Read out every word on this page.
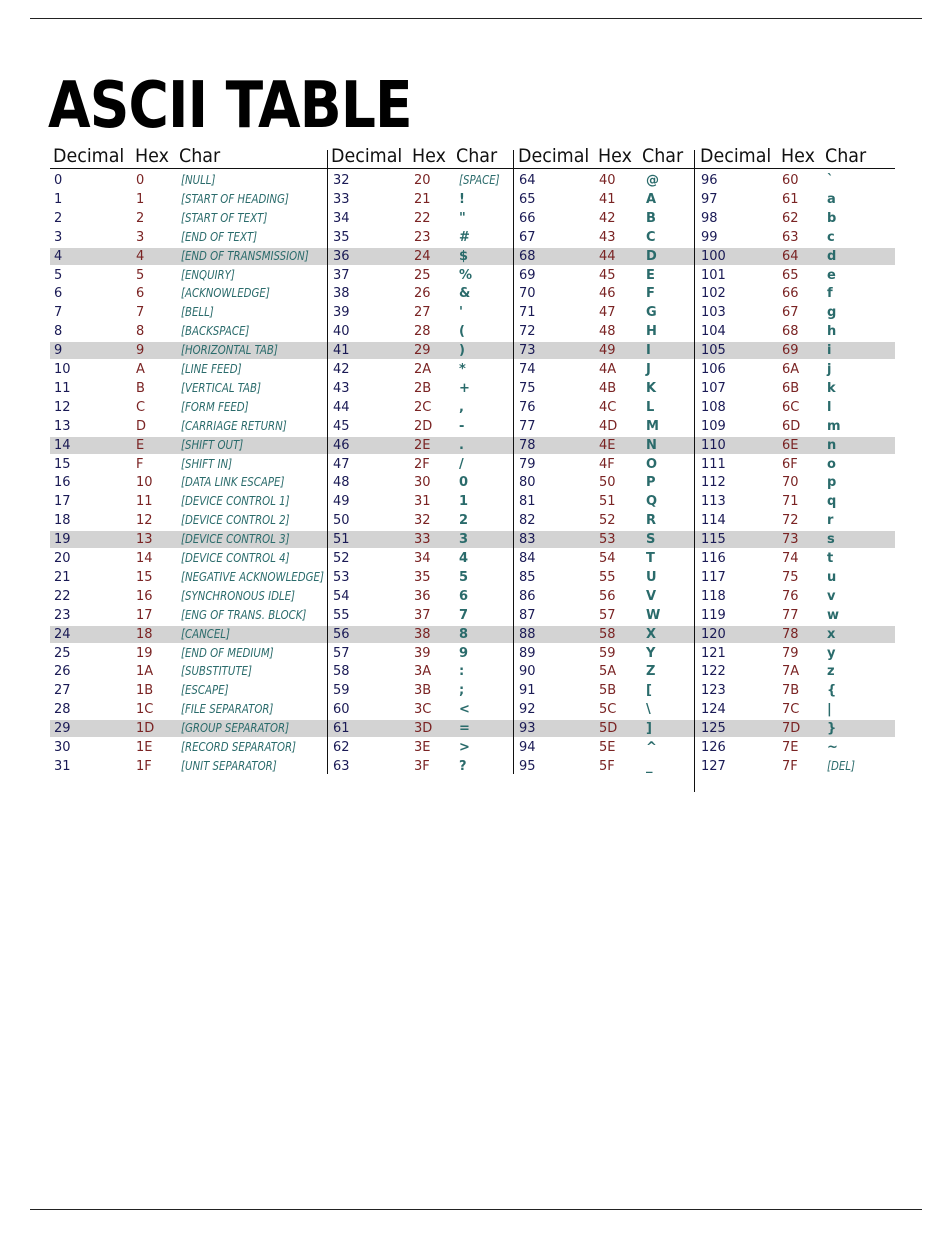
ASCII TABLE
Decimal Hex Char	Decimal Hex Char Decimal Hex Char Decimal Hex Char
0	0	[NULL]
1	1	[START OF HEADING]
2	2	[START OF TEXT]
3	3	[END OF TEXT]
4	4	[END OF TRANSMISSION]
5	5	[ENQUIRY]
6	6	[ACKNOWLEDGE]
7	7	[BELL]
8	8	[BACKSPACE]
9	9	[HORIZONTAL TAB]
10	A	[LINE FEED]
11	B	[VERTICAL TAB]
12	C	[FORM FEED]
13	D	[CARRIAGE RETURN]
14	E	[SHIFT OUT]
15	F	[SHIFT IN]
16	10 [DATA LINK ESCAPE]
17	11 [DEVICE CONTROL 1]
18	12 [DEVICE CONTROL 2]
19	13 [DEVICE CONTROL 3]
20	14 [DEVICE CONTROL 4]
21	15 [NEGATIVE ACKNOWLEDGE]
22	16 [SYNCHRONOUS IDLE]
23	17 [ENG OF TRANS. BLOCK]
24	18 [CANCEL]
25	19 [END OF MEDIUM]
26	1A [SUBSTITUTE]
27	1B [ESCAPE]
28	1C [FILE SEPARATOR]
29	1D [GROUP SEPARATOR]
30	1E [RECORD SEPARATOR]
31	1F [UNIT SEPARATOR]
32	20 [SPACE]
33	21 !
34	22 "
35	23 #
36	24 $
37	25 %
38	26 &
39	27 '
40	28 (
41	29 )
42	2A *
43	2B +
44	2C ,
45	2D -
46	2E .
47	2F /
48	30 0
49	31 1
50	32 2
51	33 3
52	34 4
53	35 5
54	36 6
55	37 7
56	38 8
57	39 9
58	3A :
59	3B ;
60	3C <
61	3D =
62	3E >
63	3F ?
64	40 @
65	41 A
66	42 B
67	43 C
68	44 D
69	45 E
70	46 F
71	47 G
72	48 H
73	49 I
74	4A J
75	4B K
76	4C L
77	4D M
78	4E N
79	4F O
80	50 P
81	51 Q
82	52 R
83	53 S
84	54 T
85	55 U
86	56 V
87	57 W
88	58 X
89	59 Y
90	5A Z
91	5B [
92	5C \
93	5D ]
94	5E ^
95	5F _
96	60 `
97	61 a
98	62 b
99	63 c
100	64 d
101	65 e
102	66 f
103	67 g
104	68 h
105	69 i
106	6A j
107	6B k
108	6C l
109	6D m
110	6E n
111	6F o
112	70 p
113	71 q
114	72 r
115	73 s
116	74 t
117	75 u
118	76 v
119	77 w
120	78 x
121	79 y
122	7A z
123	7B {
124	7C |
125	7D }
126	7E ~
127	7F [DEL]
